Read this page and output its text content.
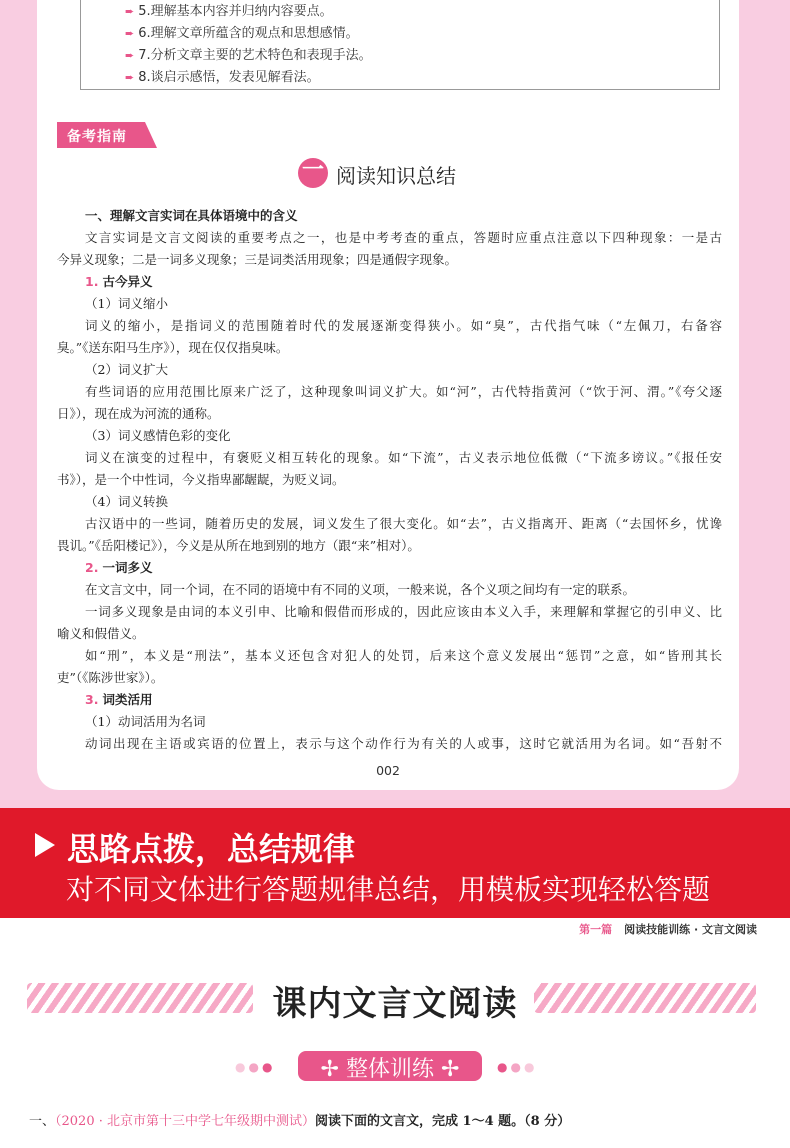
➨ 5.理解基本内容并归纳内容要点。
➨ 6.理解文章所蕴含的观点和思想感情。
➨ 7.分析文章主要的艺术特色和表现手法。
➨ 8.谈启示感悟，发表见解看法。
备考指南
一 阅读知识总结
一、理解文言实词在具体语境中的含义
文言实词是文言文阅读的重要考点之一，也是中考考查的重点，答题时应重点注意以下四种现象：一是古
今异义现象；二是一词多义现象；三是词类活用现象；四是通假字现象。
1. 古今异义
（1）词义缩小
词义的缩小，是指词义的范围随着时代的发展逐渐变得狭小。如“臭”，古代指气味（“左佩刀，右备容
臭。”《送东阳马生序》），现在仅仅指臭味。
（2）词义扩大
有些词语的应用范围比原来广泛了，这种现象叫词义扩大。如“河”，古代特指黄河（“饮于河、渭。”《夸父逐
日》），现在成为河流的通称。
（3）词义感情色彩的变化
词义在演变的过程中，有褒贬义相互转化的现象。如“下流”，古义表示地位低微（“下流多谤议。”《报任安
书》），是一个中性词，今义指卑鄙龌龊，为贬义词。
（4）词义转换
古汉语中的一些词，随着历史的发展，词义发生了很大变化。如“去”，古义指离开、距离（“去国怀乡，忧谗
畏讥。”《岳阳楼记》），今义是从所在地到别的地方（跟“来”相对）。
2. 一词多义
在文言文中，同一个词，在不同的语境中有不同的义项，一般来说，各个义项之间均有一定的联系。
一词多义现象是由词的本义引申、比喻和假借而形成的，因此应该由本义入手，来理解和掌握它的引申义、比
喻义和假借义。
如“刑”，本义是“刑法”，基本义还包含对犯人的处罚，后来这个意义发展出“惩罚”之意，如“皆刑其长
吏”（《陈涉世家》）。
3. 词类活用
（1）动词活用为名词
动词出现在主语或宾语的位置上，表示与这个动作行为有关的人或事，这时它就活用为名词。如“吾射不
002
思路点拨，总结规律
对不同文体进行答题规律总结，用模板实现轻松答题
第一篇 阅读技能训练 · 文言文阅读
课内文言文阅读
●●●	✢ 整体训练 ✢	●●●
一、（2020 · 北京市第十三中学七年级期中测试）阅读下面的文言文，完成 1～4 题。（8 分）
